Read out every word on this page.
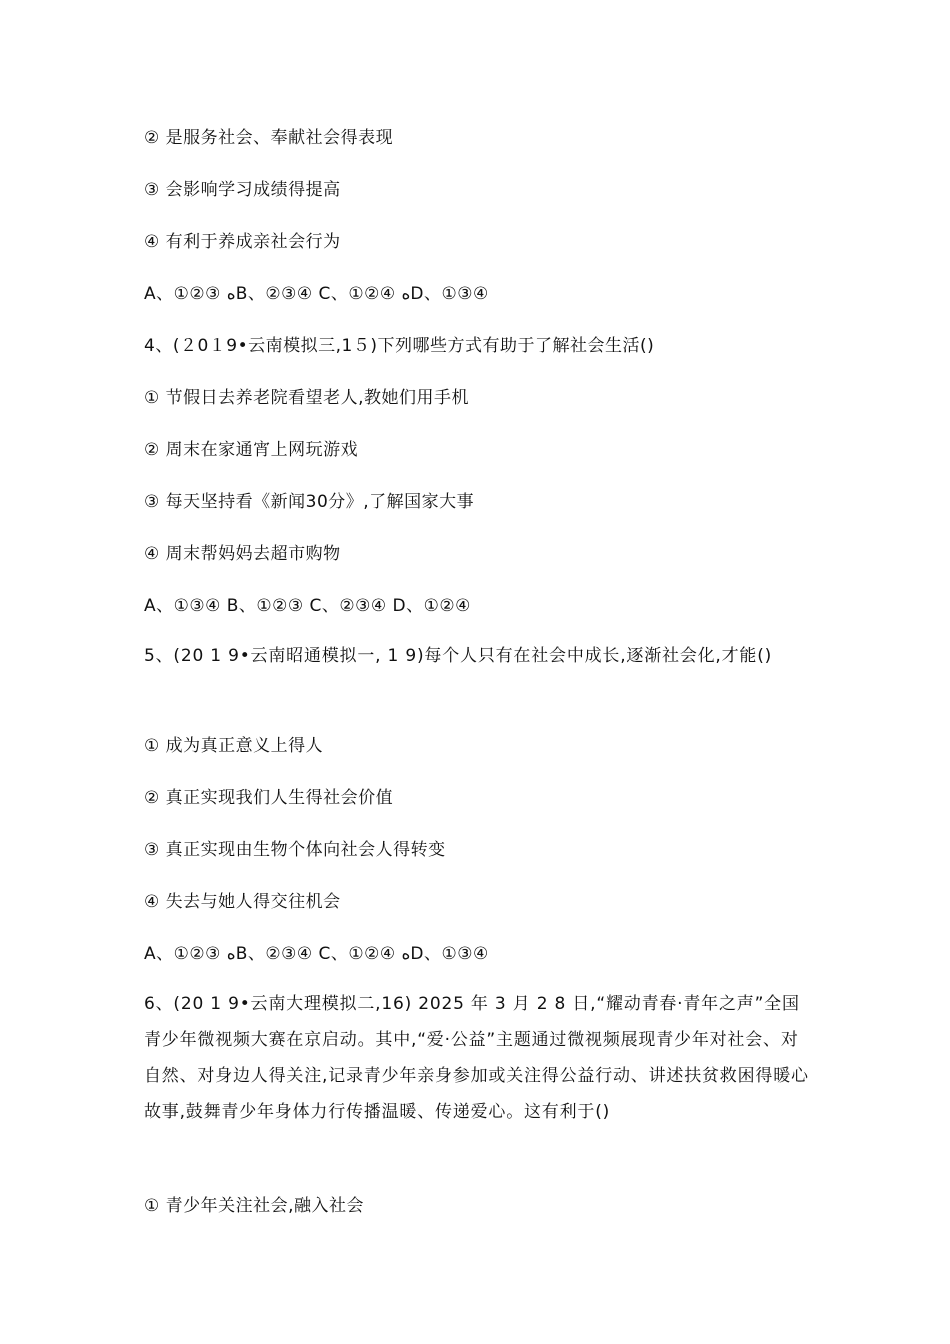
② 是服务社会、奉献社会得表现
③ 会影响学习成绩得提高
④ 有利于养成亲社会行为
A、①②③ ﻩB、②③④ C、①②④ ﻩD、①③④
4、(２0１9•云南模拟三,1５)下列哪些方式有助于了解社会生活()
① 节假日去养老院看望老人,教她们用手机
② 周末在家通宵上网玩游戏
③ 每天坚持看《新闻30分》,了解国家大事
④ 周末帮妈妈去超市购物
A、①③④ B、①②③ C、②③④ D、①②④
5、(20 1 9•云南昭通模拟一, 1 9)每个人只有在社会中成长,逐渐社会化,才能()
① 成为真正意义上得人
② 真正实现我们人生得社会价值
③ 真正实现由生物个体向社会人得转变
④ 失去与她人得交往机会
A、①②③ ﻩB、②③④ C、①②④ ﻩD、①③④
6、(20 1 9•云南大理模拟二,16) 2025 年 3 月 2 8 日,“耀动青春·青年之声”全国青少年微视频大赛在京启动。其中,“爱·公益”主题通过微视频展现青少年对社会、对自然、对身边人得关注,记录青少年亲身参加或关注得公益行动、讲述扶贫救困得暖心故事,鼓舞青少年身体力行传播温暖、传递爱心。这有利于()
① 青少年关注社会,融入社会
